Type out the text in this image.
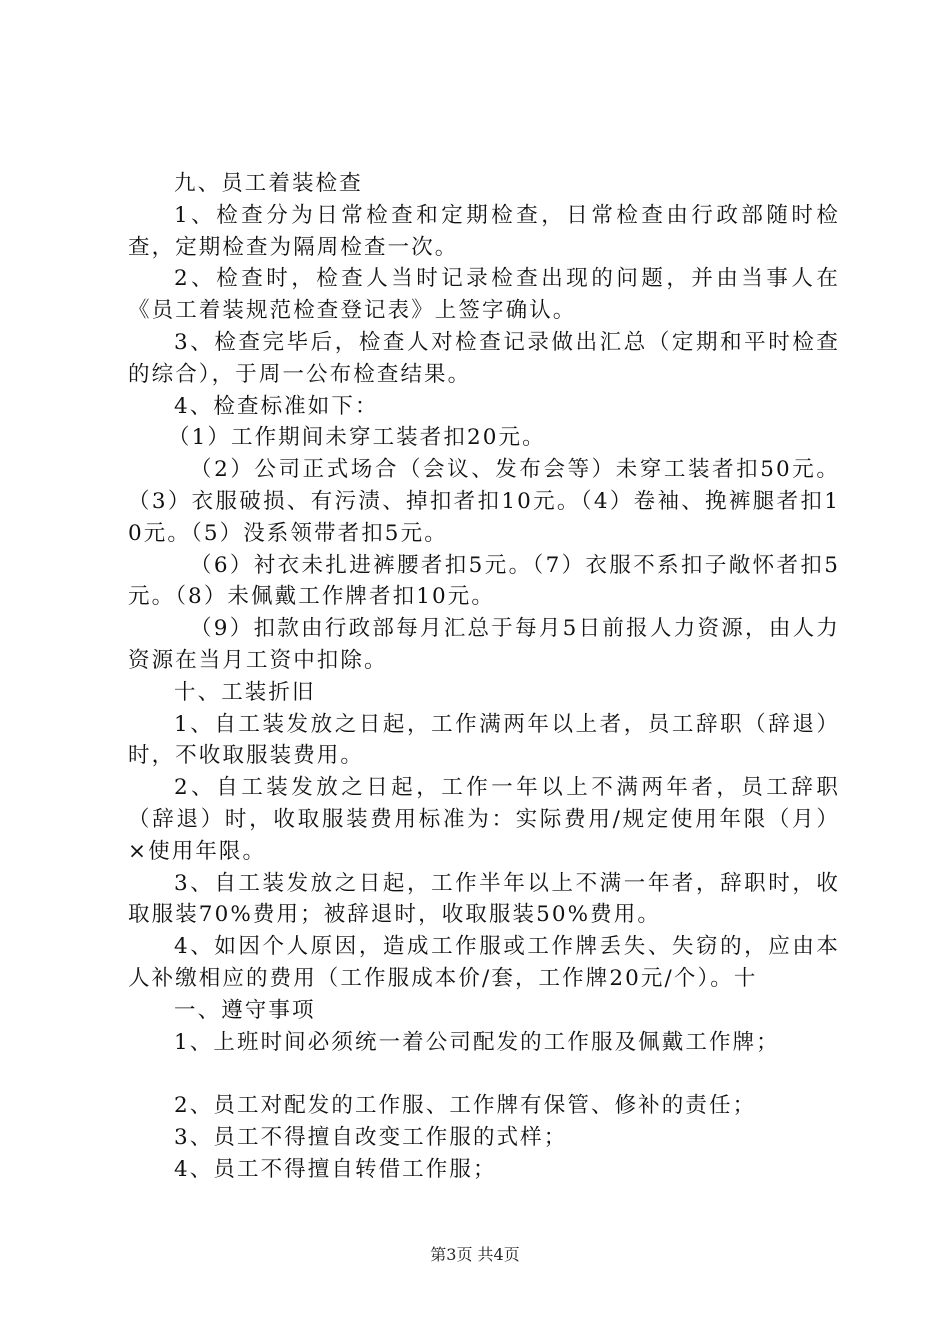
九、员工着装检查

1、检查分为日常检查和定期检查，日常检查由行政部随时检查，定期检查为隔周检查一次。

2、检查时，检查人当时记录检查出现的问题，并由当事人在《员工着装规范检查登记表》上签字确认。

3、检查完毕后，检查人对检查记录做出汇总（定期和平时检查的综合），于周一公布检查结果。

4、检查标准如下：

（1）工作期间未穿工装者扣20元。

（2）公司正式场合（会议、发布会等）未穿工装者扣50元。（3）衣服破损、有污渍、掉扣者扣10元。（4）卷袖、挽裤腿者扣10元。（5）没系领带者扣5元。

（6）衬衣未扎进裤腰者扣5元。（7）衣服不系扣子敞怀者扣5元。（8）未佩戴工作牌者扣10元。

（9）扣款由行政部每月汇总于每月5日前报人力资源，由人力资源在当月工资中扣除。

十、工装折旧

1、自工装发放之日起，工作满两年以上者，员工辞职（辞退）时，不收取服装费用。

2、自工装发放之日起，工作一年以上不满两年者，员工辞职（辞退）时，收取服装费用标准为：实际费用/规定使用年限（月）×使用年限。

3、自工装发放之日起，工作半年以上不满一年者，辞职时，收取服装70%费用；被辞退时，收取服装50%费用。

4、如因个人原因，造成工作服或工作牌丢失、失窃的，应由本人补缴相应的费用（工作服成本价/套，工作牌20元/个）。十

一、遵守事项

1、上班时间必须统一着公司配发的工作服及佩戴工作牌；

2、员工对配发的工作服、工作牌有保管、修补的责任；

3、员工不得擅自改变工作服的式样；

4、员工不得擅自转借工作服；

第3页 共4页
